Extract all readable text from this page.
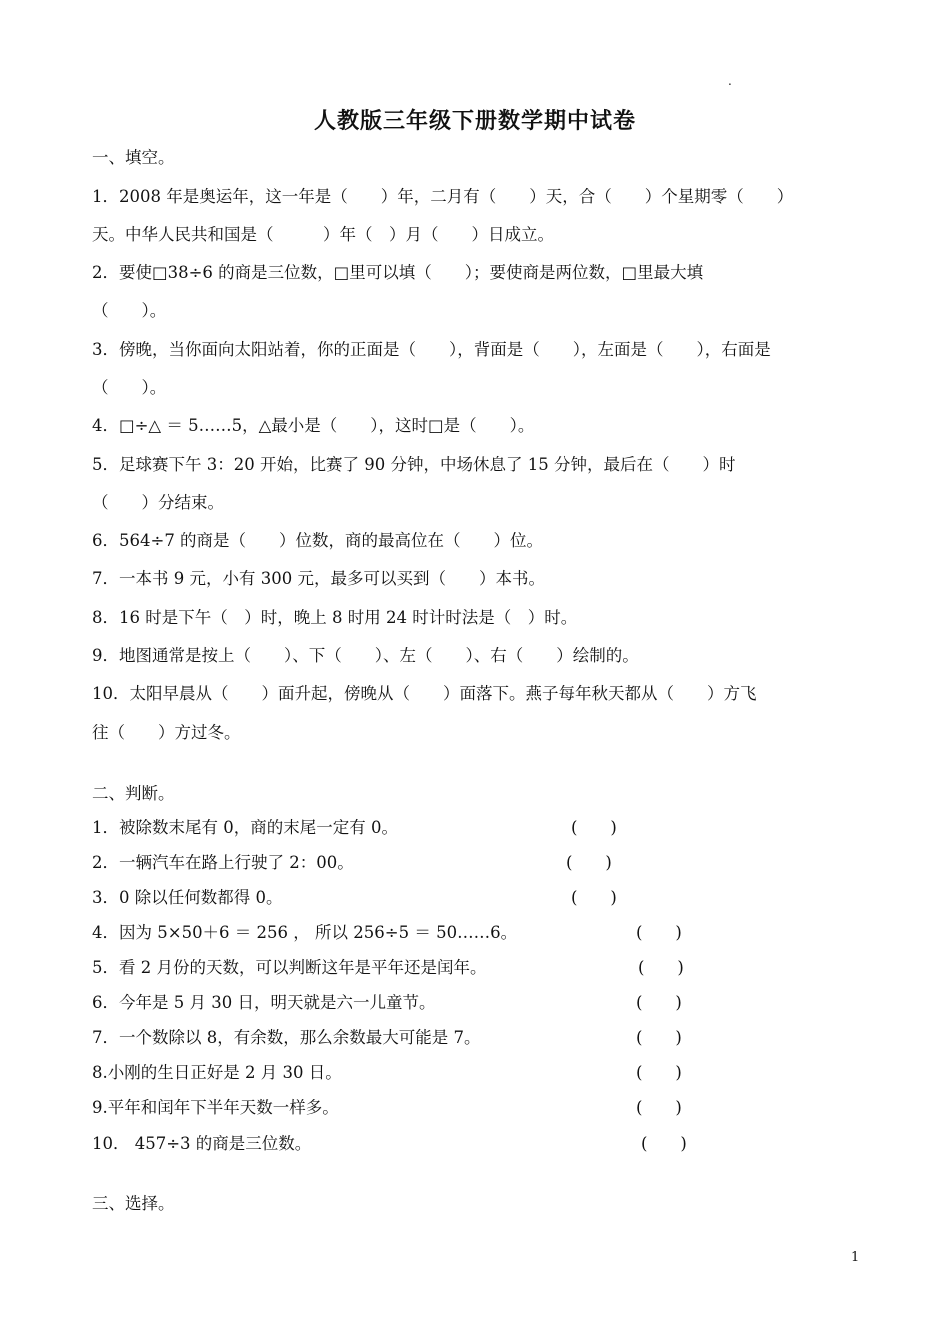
.
人教版三年级下册数学期中试卷
一、填空。
1．2008 年是奥运年，这一年是（　　）年，二月有（　　）天，合（　　）个星期零（　　）
天。中华人民共和国是（　　　）年（　）月（　　）日成立。
2．要使□38÷6 的商是三位数，□里可以填（　　）；要使商是两位数，□里最大填
（　　）。
3．傍晚，当你面向太阳站着，你的正面是（　　），背面是（　　），左面是（　　），右面是
（　　）。
4．□÷△ ＝ 5……5，△最小是（　　），这时□是（　　）。
5．足球赛下午 3：20 开始，比赛了 90 分钟，中场休息了 15 分钟，最后在（　　）时
（　　）分结束。
6．564÷7 的商是（　　）位数，商的最高位在（　　）位。
7．一本书 9 元，小有 300 元，最多可以买到（　　）本书。
8．16 时是下午（　）时，晚上 8 时用 24 时计时法是（　）时。
9．地图通常是按上（　　）、下（　　）、左（　　）、右（　　）绘制的。
10．太阳早晨从（　　）面升起，傍晚从（　　）面落下。燕子每年秋天都从（　　）方飞
往（　　）方过冬。
二、判断。
1．被除数末尾有 0，商的末尾一定有 0。	(　　)
2．一辆汽车在路上行驶了 2：00。	(　　)
3．0 除以任何数都得 0。	(　　)
4．因为 5×50＋6 ＝ 256 ， 所以 256÷5 ＝ 50……6。	(　　)
5．看 2 月份的天数，可以判断这年是平年还是闰年。	(　　)
6．今年是 5 月 30 日，明天就是六一儿童节。	(　　)
7．一个数除以 8，有余数，那么余数最大可能是 7。	(　　)
8.小刚的生日正好是 2 月 30 日。	(　　)
9.平年和闰年下半年天数一样多。	(　　)
10． 457÷3 的商是三位数。	(　　)
三、选择。
1
